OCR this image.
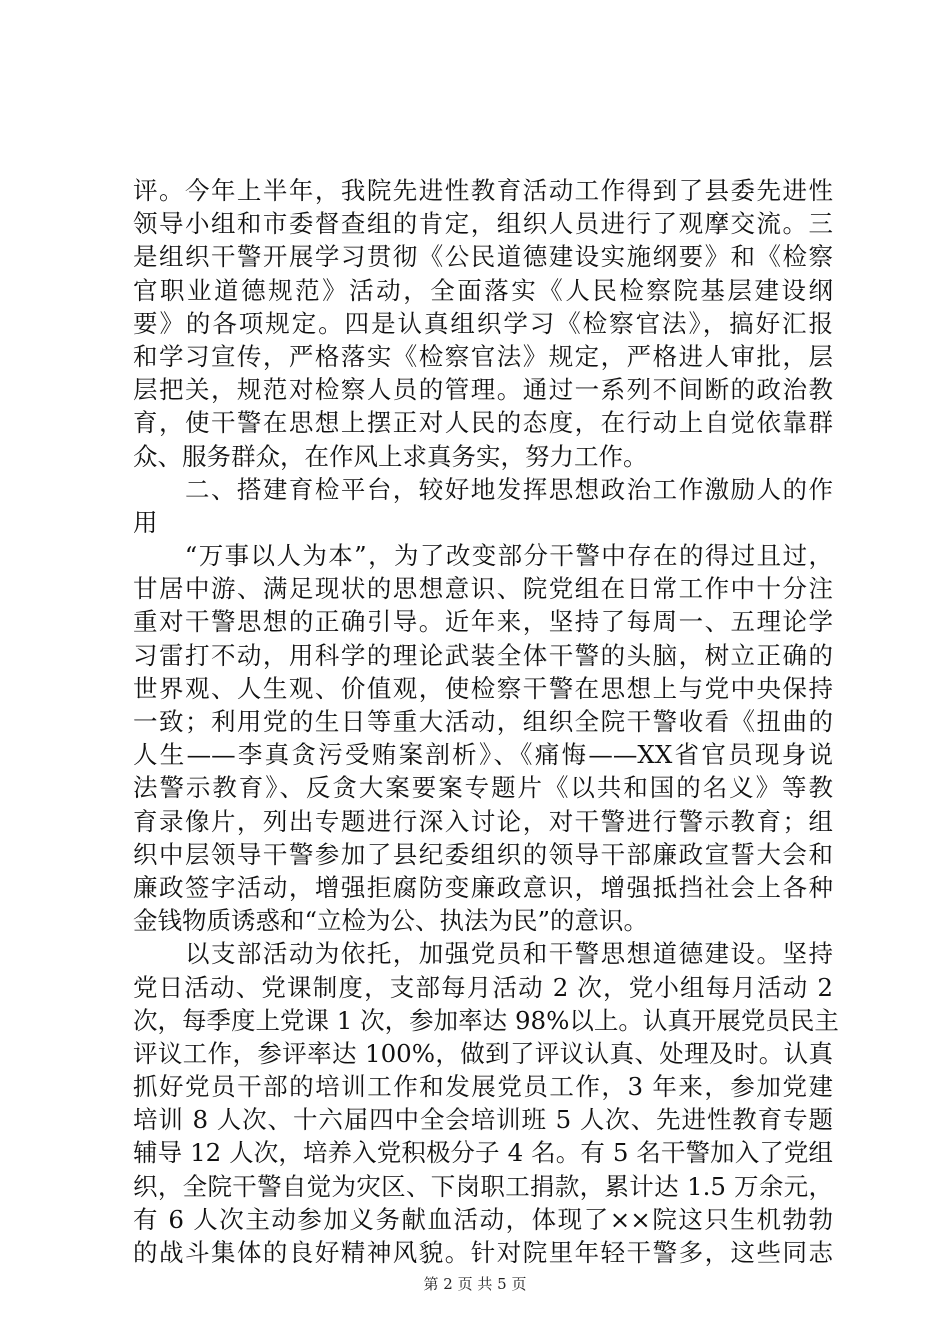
评。今年上半年，我院先进性教育活动工作得到了县委先进性
领导小组和市委督查组的肯定，组织人员进行了观摩交流。三
是组织干警开展学习贯彻《公民道德建设实施纲要》和《检察
官职业道德规范》活动，全面落实《人民检察院基层建设纲
要》的各项规定。四是认真组织学习《检察官法》，搞好汇报
和学习宣传，严格落实《检察官法》规定，严格进人审批，层
层把关，规范对检察人员的管理。通过一系列不间断的政治教
育，使干警在思想上摆正对人民的态度，在行动上自觉依靠群
众、服务群众，在作风上求真务实，努力工作。
　　二、搭建育检平台，较好地发挥思想政治工作激励人的作
用
　　“万事以人为本”，为了改变部分干警中存在的得过且过，
甘居中游、满足现状的思想意识、院党组在日常工作中十分注
重对干警思想的正确引导。近年来，坚持了每周一、五理论学
习雷打不动，用科学的理论武装全体干警的头脑，树立正确的
世界观、人生观、价值观，使检察干警在思想上与党中央保持
一致；利用党的生日等重大活动，组织全院干警收看《扭曲的
人生——李真贪污受贿案剖析》、《痛悔——XX省官员现身说
法警示教育》、反贪大案要案专题片《以共和国的名义》等教
育录像片，列出专题进行深入讨论，对干警进行警示教育；组
织中层领导干警参加了县纪委组织的领导干部廉政宣誓大会和
廉政签字活动，增强拒腐防变廉政意识，增强抵挡社会上各种
金钱物质诱惑和“立检为公、执法为民”的意识。
　　以支部活动为依托，加强党员和干警思想道德建设。坚持
党日活动、党课制度，支部每月活动 2 次，党小组每月活动 2
次，每季度上党课 1 次，参加率达 98%以上。认真开展党员民主
评议工作，参评率达 100%，做到了评议认真、处理及时。认真
抓好党员干部的培训工作和发展党员工作，3 年来，参加党建
培训 8 人次、十六届四中全会培训班 5 人次、先进性教育专题
辅导 12 人次，培养入党积极分子 4 名。有 5 名干警加入了党组
织，全院干警自觉为灾区、下岗职工捐款，累计达 1.5 万余元，
有 6 人次主动参加义务献血活动，体现了××院这只生机勃勃
的战斗集体的良好精神风貌。针对院里年轻干警多，这些同志
第 2 页 共 5 页
